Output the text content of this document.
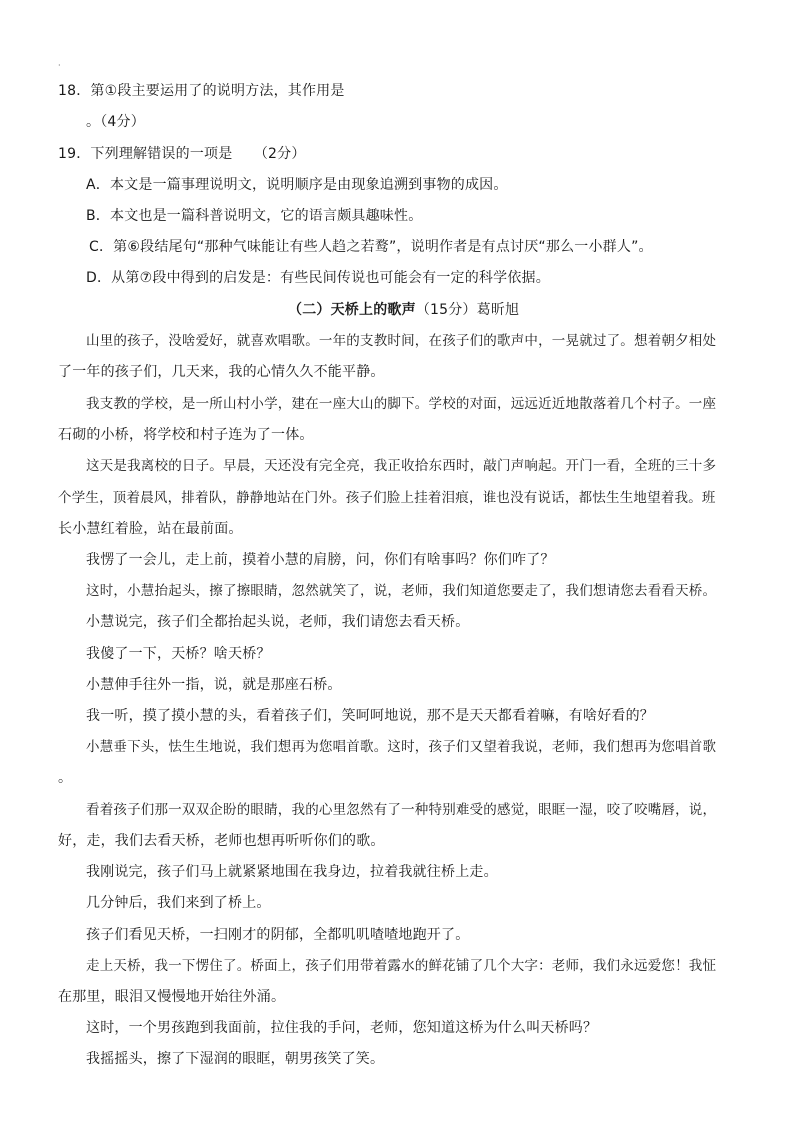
·
18．第①段主要运用了的说明方法，其作用是
。（4分）
19．下列理解错误的一项是　　（2分）
A．本文是一篇事理说明文，说明顺序是由现象追溯到事物的成因。
B．本文也是一篇科普说明文，它的语言颇具趣味性。
C．第⑥段结尾句“那种气味能让有些人趋之若鹜”，说明作者是有点讨厌“那么一小群人”。
D．从第⑦段中得到的启发是：有些民间传说也可能会有一定的科学依据。
（二）天桥上的歌声（15分）葛昕旭
山里的孩子，没啥爱好，就喜欢唱歌。一年的支教时间，在孩子们的歌声中，一晃就过了。想着朝夕相处
了一年的孩子们，几天来，我的心情久久不能平静。
我支教的学校，是一所山村小学，建在一座大山的脚下。学校的对面，远远近近地散落着几个村子。一座
石砌的小桥，将学校和村子连为了一体。
这天是我离校的日子。早晨，天还没有完全亮，我正收拾东西时，敲门声响起。开门一看，全班的三十多
个学生，顶着晨风，排着队，静静地站在门外。孩子们脸上挂着泪痕，谁也没有说话，都怯生生地望着我。班
长小慧红着脸，站在最前面。
我愣了一会儿，走上前，摸着小慧的肩膀，问，你们有啥事吗？你们咋了？
这时，小慧抬起头，擦了擦眼睛，忽然就笑了，说，老师，我们知道您要走了，我们想请您去看看天桥。
小慧说完，孩子们全都抬起头说，老师，我们请您去看天桥。
我傻了一下，天桥？啥天桥？
小慧伸手往外一指，说，就是那座石桥。
我一听，摸了摸小慧的头，看着孩子们，笑呵呵地说，那不是天天都看着嘛，有啥好看的？
小慧垂下头，怯生生地说，我们想再为您唱首歌。这时，孩子们又望着我说，老师，我们想再为您唱首歌
。
看着孩子们那一双双企盼的眼睛，我的心里忽然有了一种特别难受的感觉，眼眶一湿，咬了咬嘴唇，说，
好，走，我们去看天桥，老师也想再听听你们的歌。
我刚说完，孩子们马上就紧紧地围在我身边，拉着我就往桥上走。
几分钟后，我们来到了桥上。
孩子们看见天桥，一扫刚才的阴郁，全都叽叽喳喳地跑开了。
走上天桥，我一下愣住了。桥面上，孩子们用带着露水的鲜花铺了几个大字：老师，我们永远爱您！我怔
在那里，眼泪又慢慢地开始往外涌。
这时，一个男孩跑到我面前，拉住我的手问，老师，您知道这桥为什么叫天桥吗？
我摇摇头，擦了下湿润的眼眶，朝男孩笑了笑。
